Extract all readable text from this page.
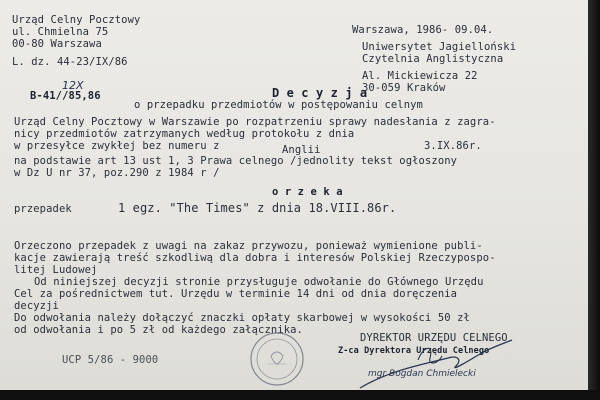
Urząd Celny Pocztowy
ul. Chmielna 75
00-80 Warszawa
L. dz. 44-23/IX/86
Warszawa, 1986- 09.04.
Uniwersytet Jagielloński
Czytelnia Anglistyczna
Al. Mickiewicza 22
30-059 Kraków
B-41//85,86
12X
D e c y z j a
o przepadku przedmiotów w postępowaniu celnym
Urząd Celny Pocztowy w Warszawie po rozpatrzeniu sprawy nadesłania z zagra-
nicy przedmiotów zatrzymanych według protokołu z dnia
w przesyłce zwykłej bez numeru z
na podstawie art 13 ust 1, 3 Prawa celnego /jednolity tekst ogłoszony
w Dz U nr 37, poz.290 z 1984 r /
3.IX.86r.
Anglii
o r z e k a
przepadek	1 egz. "The Times" z dnia 18.VIII.86r.
Orzeczono przepadek z uwagi na zakaz przywozu, ponieważ wymienione publi-
kacje zawierają treść szkodliwą dla dobra i interesów Polskiej Rzeczypospo-
litej Ludowej
Od niniejszej decyzji stronie przysługuje odwołanie do Głównego Urzędu
Cel za pośrednictwem tut. Urzędu w terminie 14 dni od dnia doręczenia
decyzji
Do odwołania należy dołączyć znaczki opłaty skarbowej w wysokości 50 zł
od odwołania i po 5 zł od każdego załącznika.
UCP 5/86 - 9000
DYREKTOR URZĘDU CELNEGO
Z-ca Dyrektora Urzędu Celnego
mgr Bogdan Chmielecki
